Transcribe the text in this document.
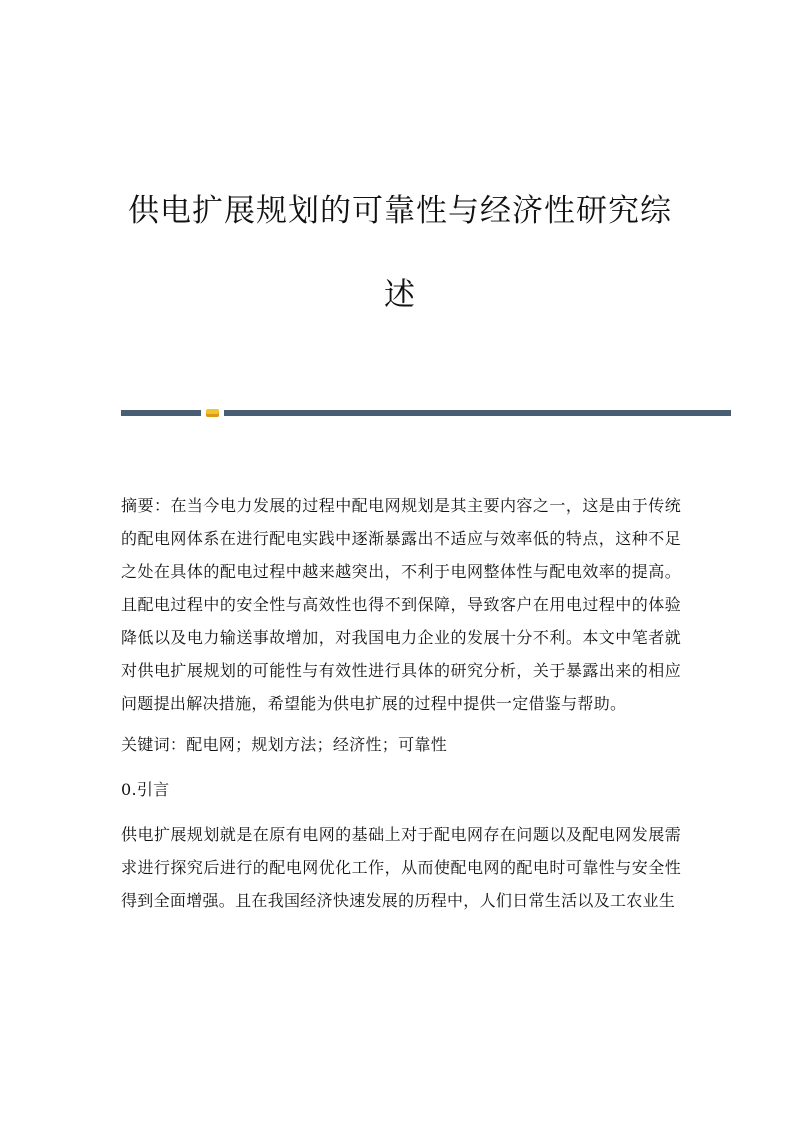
供电扩展规划的可靠性与经济性研究综
述

摘要：在当今电力发展的过程中配电网规划是其主要内容之一，这是由于传统的配电网体系在进行配电实践中逐渐暴露出不适应与效率低的特点，这种不足之处在具体的配电过程中越来越突出，不利于电网整体性与配电效率的提高。且配电过程中的安全性与高效性也得不到保障，导致客户在用电过程中的体验降低以及电力输送事故增加，对我国电力企业的发展十分不利。本文中笔者就对供电扩展规划的可能性与有效性进行具体的研究分析，关于暴露出来的相应问题提出解决措施，希望能为供电扩展的过程中提供一定借鉴与帮助。

关键词：配电网；规划方法；经济性；可靠性

0.引言

供电扩展规划就是在原有电网的基础上对于配电网存在问题以及配电网发展需求进行探究后进行的配电网优化工作，从而使配电网的配电时可靠性与安全性得到全面增强。且在我国经济快速发展的历程中，人们日常生活以及工农业生
